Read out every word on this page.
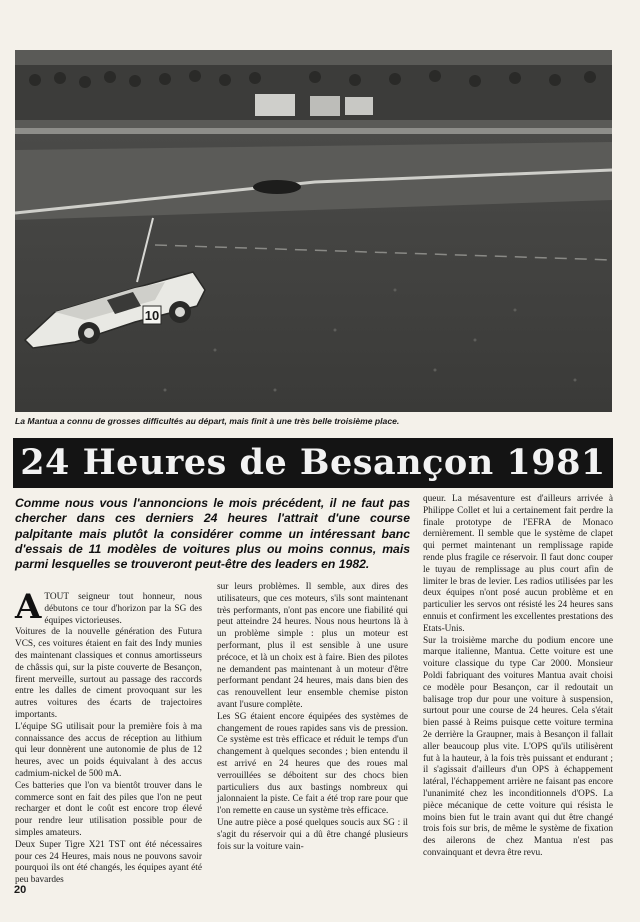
10
La Mantua a connu de grosses difficultés au départ, mais finit à une très belle troisième place.
24 Heures de Besançon 1981
Comme nous vous l'annoncions le mois précédent, il ne faut pas chercher dans ces derniers 24 heures l'attrait d'une course palpitante mais plutôt la considérer comme un intéressant banc d'essais de 11 modèles de voitures plus ou moins connus, mais parmi lesquelles se trouveront peut-être des leaders en 1982.

ATOUT seigneur tout honneur, nous débutons ce tour d'horizon par la SG des équipes victorieuses.

Voitures de la nouvelle génération des Futura VCS, ces voitures étaient en fait des Indy munies des maintenant classiques et connus amortisseurs de châssis qui, sur la piste couverte de Besançon, firent merveille, surtout au passage des raccords entre les dalles de ciment provoquant sur les autres voitures des écarts de trajectoires importants.

L'équipe SG utilisait pour la première fois à ma connaissance des accus de réception au lithium qui leur donnèrent une autonomie de plus de 12 heures, avec un poids équivalant à des accus cadmium-nickel de 500 mA.

Ces batteries que l'on va bientôt trouver dans le commerce sont en fait des piles que l'on ne peut recharger et dont le coût est encore trop élevé pour rendre leur utilisation possible pour de simples amateurs.

Deux Super Tigre X21 TST ont été nécessaires pour ces 24 Heures, mais nous ne pouvons savoir pourquoi ils ont été changés, les équipes ayant été peu bavardes

sur leurs problèmes. Il semble, aux dires des utilisateurs, que ces moteurs, s'ils sont maintenant très performants, n'ont pas encore une fiabilité qui peut atteindre 24 heures. Nous nous heurtons là à un problème simple : plus un moteur est performant, plus il est sensible à une usure précoce, et là un choix est à faire. Bien des pilotes ne demandent pas maintenant à un moteur d'être performant pendant 24 heures, mais dans bien des cas renouvellent leur ensemble chemise piston avant l'usure complète.

Les SG étaient encore équipées des systèmes de changement de roues rapides sans vis de pression. Ce système est très efficace et réduit le temps d'un changement à quelques secondes ; bien entendu il est arrivé en 24 heures que des roues mal verrouillées se déboitent sur des chocs bien particuliers dus aux bastings nombreux qui jalonnaient la piste. Ce fait a été trop rare pour que l'on remette en cause un système très efficace.

Une autre pièce a posé quelques soucis aux SG : il s'agit du réservoir qui a dû être changé plusieurs fois sur la voiture vain-

queur. La mésaventure est d'ailleurs arrivée à Philippe Collet et lui a certainement fait perdre la finale prototype de l'EFRA de Monaco dernièrement. Il semble que le système de clapet qui permet maintenant un remplissage rapide rende plus fragile ce réservoir. Il faut donc couper le tuyau de remplissage au plus court afin de limiter le bras de levier. Les radios utilisées par les deux équipes n'ont posé aucun problème et en particulier les servos ont résisté les 24 heures sans ennuis et confirment les excellentes prestations des Etats-Unis.

Sur la troisième marche du podium encore une marque italienne, Mantua. Cette voiture est une voiture classique du type Car 2000. Monsieur Poldi fabriquant des voitures Mantua avait choisi ce modèle pour Besançon, car il redoutait un balisage trop dur pour une voiture à suspension, surtout pour une course de 24 heures. Cela s'était bien passé à Reims puisque cette voiture termina 2e derrière la Graupner, mais à Besançon il fallait aller beaucoup plus vite. L'OPS qu'ils utilisèrent fut à la hauteur, à la fois très puissant et endurant ; il s'agissait d'ailleurs d'un OPS à échappement latéral, l'échappement arrière ne faisant pas encore l'unanimité chez les inconditionnels d'OPS. La pièce mécanique de cette voiture qui résista le moins bien fut le train avant qui dut être changé trois fois sur bris, de même le système de fixation des ailerons de chez Mantua n'est pas convainquant et devra être revu.

20
